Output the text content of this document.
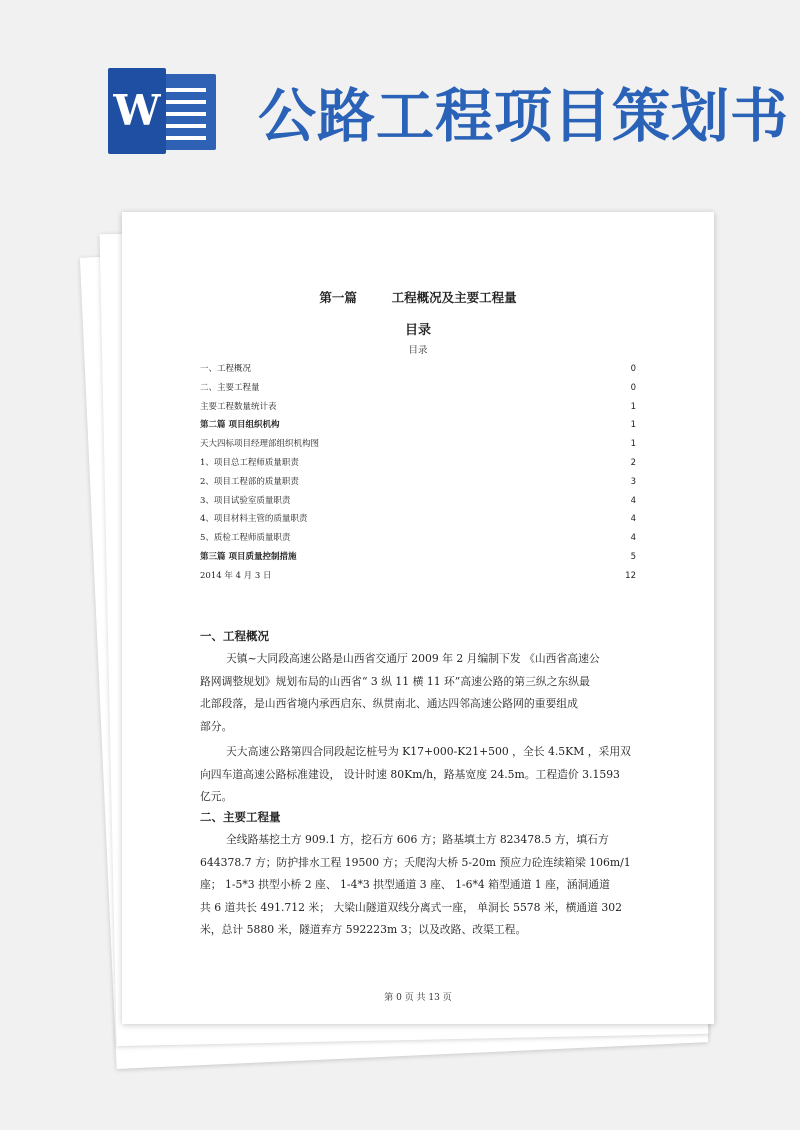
W 公路工程项目策划书
第一篇        工程概况及主要工程量
目录
目录
一、工程概况	0
二、主要工程量	0
主要工程数量统计表	1
第二篇 项目组织机构	1
天大四标项目经理部组织机构图	1
1、项目总工程师质量职责	2
2、项目工程部的质量职责	3
3、项目试验室质量职责	4
4、项目材料主管的质量职责	4
5、质检工程师质量职责	4
第三篇 项目质量控制措施	5
2014 年 4 月 3 日	12
一、工程概况
天镇~大同段高速公路是山西省交通厅 2009 年 2 月编制下发 《山西省高速公
路网调整规划》规划布局的山西省“ 3 纵 11 横 11 环”高速公路的第三纵之东纵最
北部段落，是山西省境内承西启东、纵贯南北、通达四邻高速公路网的重要组成
部分。
天大高速公路第四合同段起讫桩号为 K17+000-K21+500 ，全长 4.5KM ，采用双
向四车道高速公路标准建设， 设计时速 80Km/h，路基宽度 24.5m。工程造价 3.1593
亿元。
二、主要工程量
全线路基挖土方 909.1 方，挖石方 606 方；路基填土方 823478.5 方，填石方
644378.7 方；防护排水工程 19500 方；夭爬沟大桥 5-20m 预应力砼连续箱梁 106m/1
座； 1-5*3 拱型小桥 2 座、 1-4*3 拱型通道 3 座、 1-6*4 箱型通道 1 座，涵洞通道
共 6 道共长 491.712 米； 大梁山隧道双线分离式一座， 单洞长 5578 米，横通道 302
米，总计 5880 米，隧道弃方 592223m 3；以及改路、改渠工程。
第 0 页 共 13 页
